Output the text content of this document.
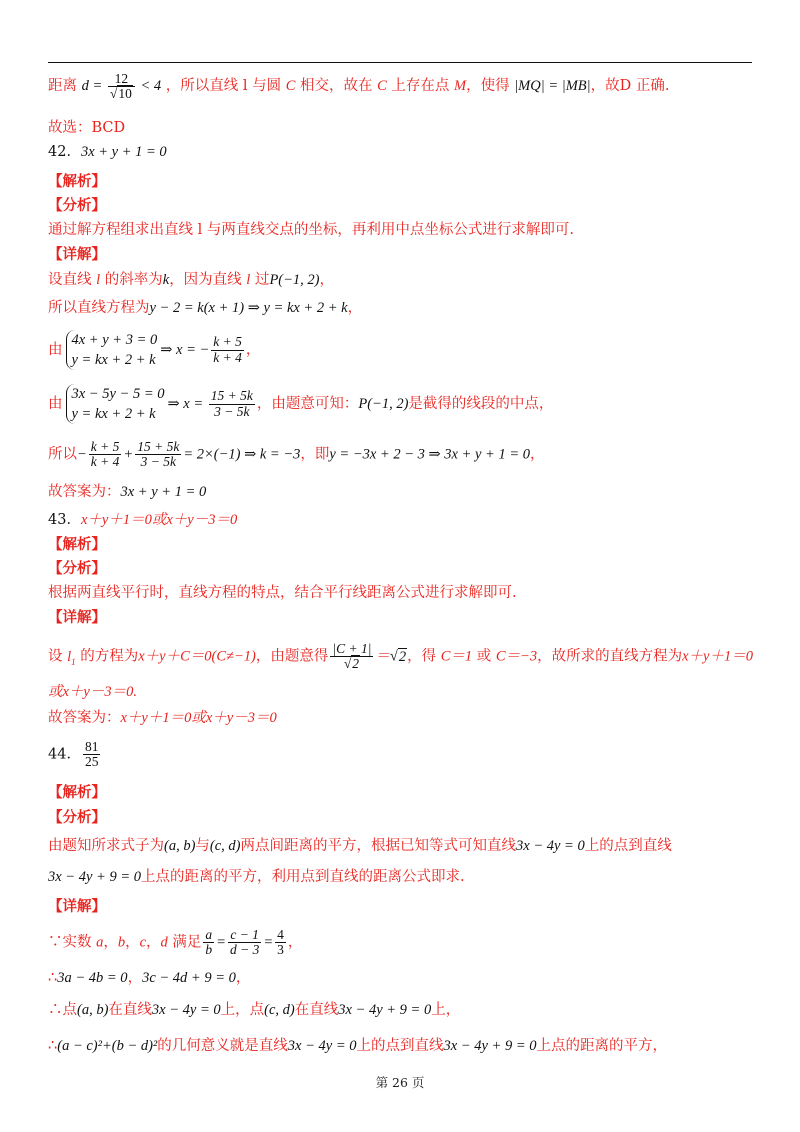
距离 $d = \frac{12}{√10} < 4$ ，所以直线 l 与圆 C 相交，故在 C 上存在点 M，使得 |MQ| = |MB|，故D 正确.
故选：BCD
42．3x + y + 1 = 0
【解析】
【分析】
通过解方程组求出直线 l 与两直线交点的坐标，再利用中点坐标公式进行求解即可.
【详解】
设直线 l 的斜率为k，因为直线 l 过P(−1, 2)，
所以直线方程为y − 2 = k(x + 1) ⇒ y = kx + 2 + k，
由
4x + y + 3 = 0
y = kx + 2 + k
⇒ x = − $\frac{k + 5}{k + 4}$ ，
由
3x − 5y − 5 = 0
y = kx + 2 + k
⇒ $x = \frac{15 + 5k}{3 - 5k}$ ，由题意可知：P(−1, 2)是截得的线段的中点，
所以− $\frac{k + 5}{k + 4} + \frac{15 + 5k}{3 - 5k} = 2\times(-1)$ ⇒ k = −3，即y = −3x + 2 − 3 ⇒ 3x + y + 1 = 0，
故答案为：3x + y + 1 = 0
43．x＋y＋1＝0或x＋y－3＝0
【解析】
【分析】
根据两直线平行时，直线方程的特点，结合平行线距离公式进行求解即可.
【详解】
设 $l_1$ 的方程为x＋y＋C＝0(C≠−1)，由题意得 $\frac{|C + 1|}{√2} =√2$，得 C＝1 或 C＝−3，故所求的直线方程为x＋y＋1＝0
或x＋y－3＝0.
故答案为：x＋y＋1＝0或x＋y－3＝0
44． $\frac{81}{25}$
【解析】
【分析】
由题知所求式子为(a, b)与(c, d)两点间距离的平方，根据已知等式可知直线3x − 4y = 0上的点到直线
3x − 4y + 9 = 0上点的距离的平方，利用点到直线的距离公式即求.
【详解】
∵实数 a，b，c，d 满足 $\frac{a}{b} = \frac{c - 1}{d - 3} = \frac{4}{3}$ ，
∴3a − 4b = 0，3c − 4d + 9 = 0，
∴点(a, b)在直线3x − 4y = 0上，点(c, d)在直线3x − 4y + 9 = 0上，
∴(a − c)²+(b − d)²的几何意义就是直线3x − 4y = 0上的点到直线3x − 4y + 9 = 0上点的距离的平方，
第 26 页
